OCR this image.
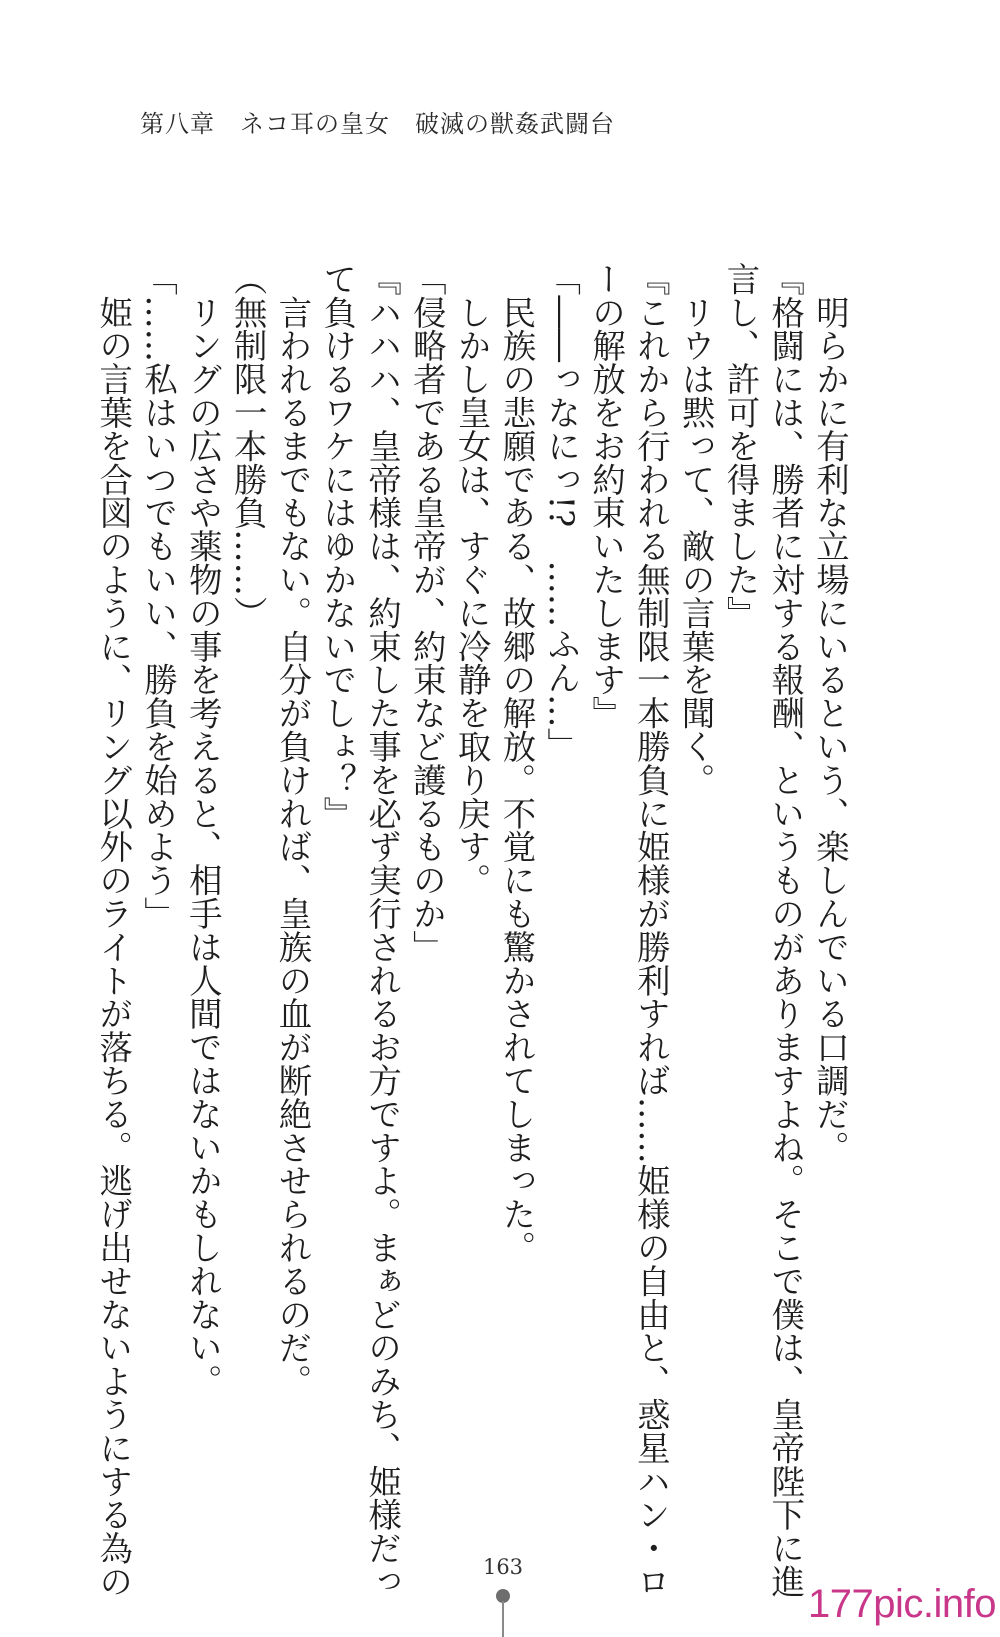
第八章　ネコ耳の皇女　破滅の獣姦武闘台
　明らかに有利な立場にいるという、楽しんでいる口調だ。
『格闘には、勝者に対する報酬、というものがありますよね。そこで僕は、皇帝陛下に進
言し、許可を得ました』
　リウは黙って、敵の言葉を聞く。
『これから行われる無制限一本勝負に姫様が勝利すれば……姫様の自由と、惑星ハン・ロ
ーの解放をお約束いたします』
「――っなにっ!?　……ふん…」
　民族の悲願である、故郷の解放。不覚にも驚かされてしまった。
　しかし皇女は、すぐに冷静を取り戻す。
「侵略者である皇帝が、約束など護るものか」
『ハハハ、皇帝様は、約束した事を必ず実行されるお方ですよ。まぁどのみち、姫様だっ
て負けるワケにはゆかないでしょ？』
　言われるまでもない。自分が負ければ、皇族の血が断絶させられるのだ。
（無制限一本勝負……）
　リングの広さや薬物の事を考えると、相手は人間ではないかもしれない。
「……私はいつでもいい、勝負を始めよう」
　姫の言葉を合図のように、リング以外のライトが落ちる。逃げ出せないようにする為の	163
177pic.info
